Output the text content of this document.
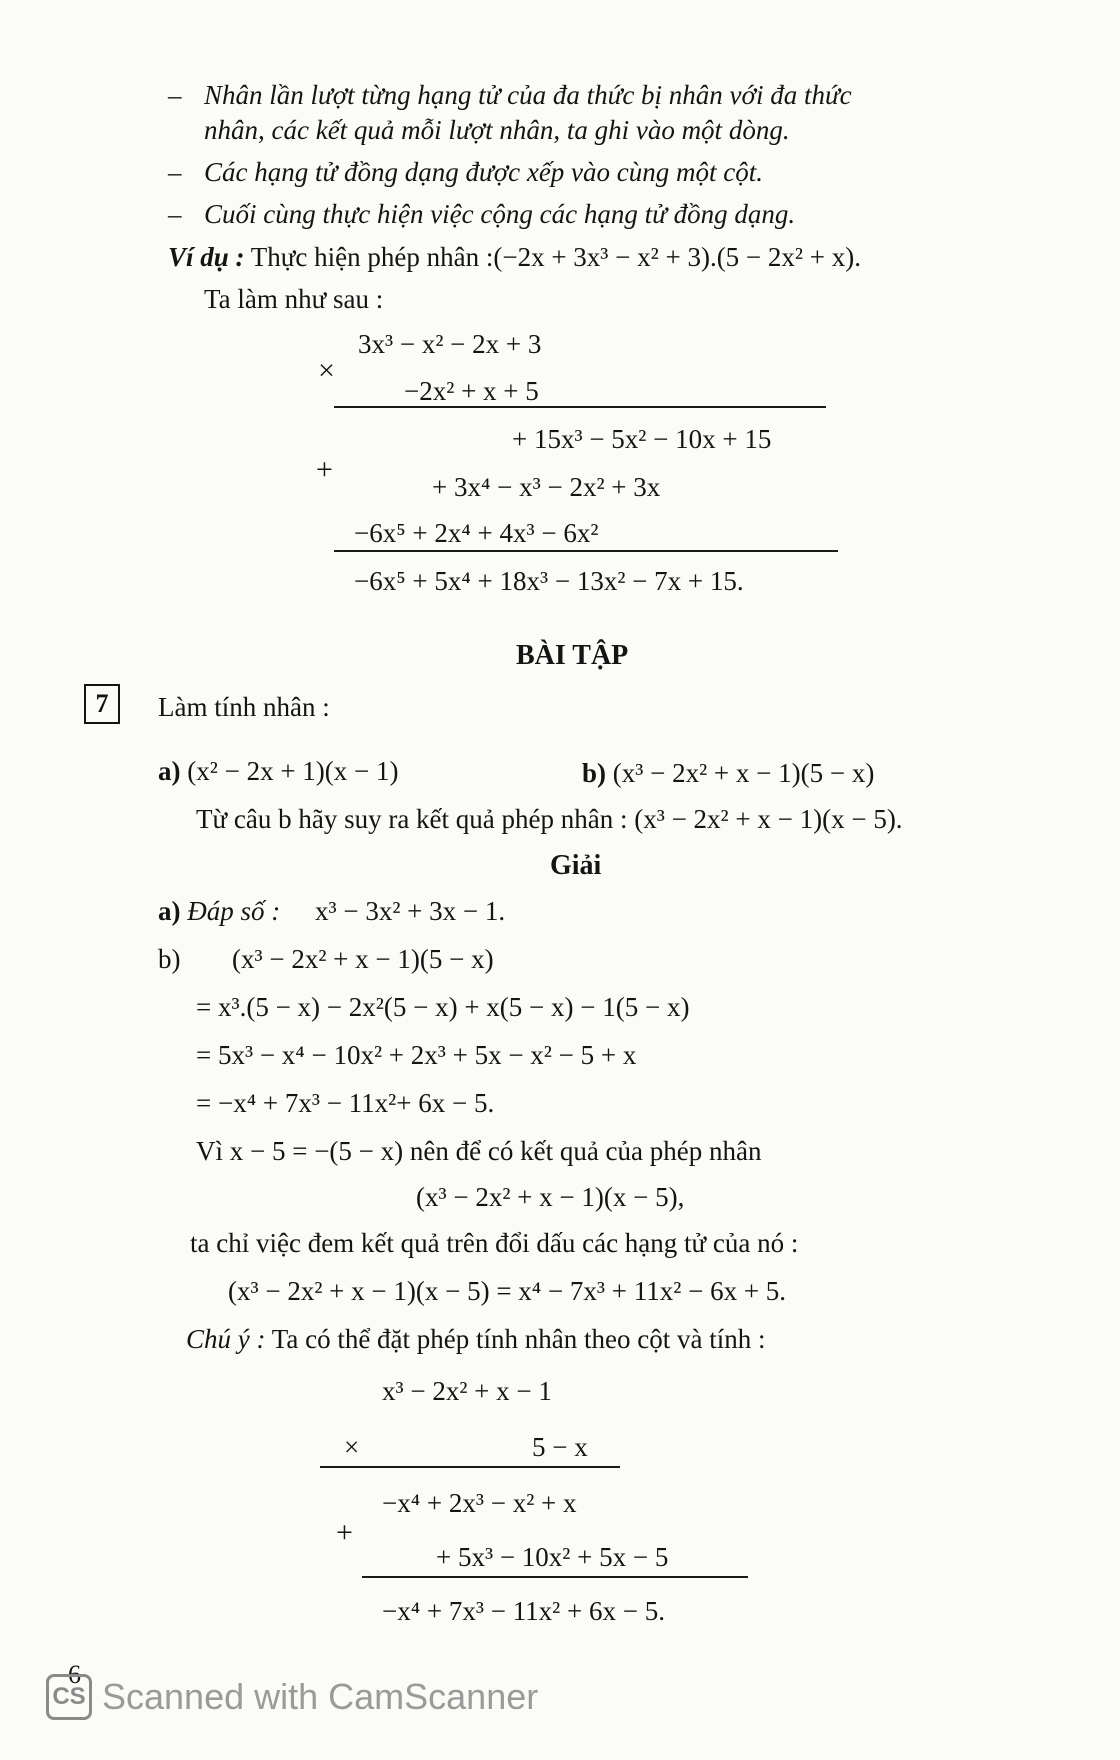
– Nhân lần lượt từng hạng tử của đa thức bị nhân với đa thức
nhân, các kết quả mỗi lượt nhân, ta ghi vào một dòng.
– Các hạng tử đồng dạng được xếp vào cùng một cột.
– Cuối cùng thực hiện việc cộng các hạng tử đồng dạng.
Ví dụ : Thực hiện phép nhân :(−2x + 3x³ − x² + 3).(5 − 2x² + x).
Ta làm như sau :
3x³ − x² − 2x + 3
×
−2x² + x + 5
+ 15x³ − 5x² − 10x + 15
+
+ 3x⁴ − x³ − 2x² + 3x
−6x⁵ + 2x⁴ + 4x³ − 6x²
−6x⁵ + 5x⁴ + 18x³ − 13x² − 7x + 15.
BÀI TẬP
7	Làm tính nhân :
a) (x² − 2x + 1)(x − 1)	b) (x³ − 2x² + x − 1)(5 − x)
Từ câu b hãy suy ra kết quả phép nhân : (x³ − 2x² + x − 1)(x − 5).
Giải
a) Đáp số : x³ − 3x² + 3x − 1.
b) (x³ − 2x² + x − 1)(5 − x)
= x³.(5 − x) − 2x²(5 − x) + x(5 − x) − 1(5 − x)
= 5x³ − x⁴ − 10x² + 2x³ + 5x − x² − 5 + x
= −x⁴ + 7x³ − 11x²+ 6x − 5.
Vì x − 5 = −(5 − x) nên để có kết quả của phép nhân
(x³ − 2x² + x − 1)(x − 5),
ta chỉ việc đem kết quả trên đổi dấu các hạng tử của nó :
(x³ − 2x² + x − 1)(x − 5) = x⁴ − 7x³ + 11x² − 6x + 5.
Chú ý : Ta có thể đặt phép tính nhân theo cột và tính :
x³ − 2x² + x − 1
×	5 − x
−x⁴ + 2x³ − x² + x
+
+ 5x³ − 10x² + 5x − 5
−x⁴ + 7x³ − 11x² + 6x − 5.
6
CS Scanned with CamScanner
